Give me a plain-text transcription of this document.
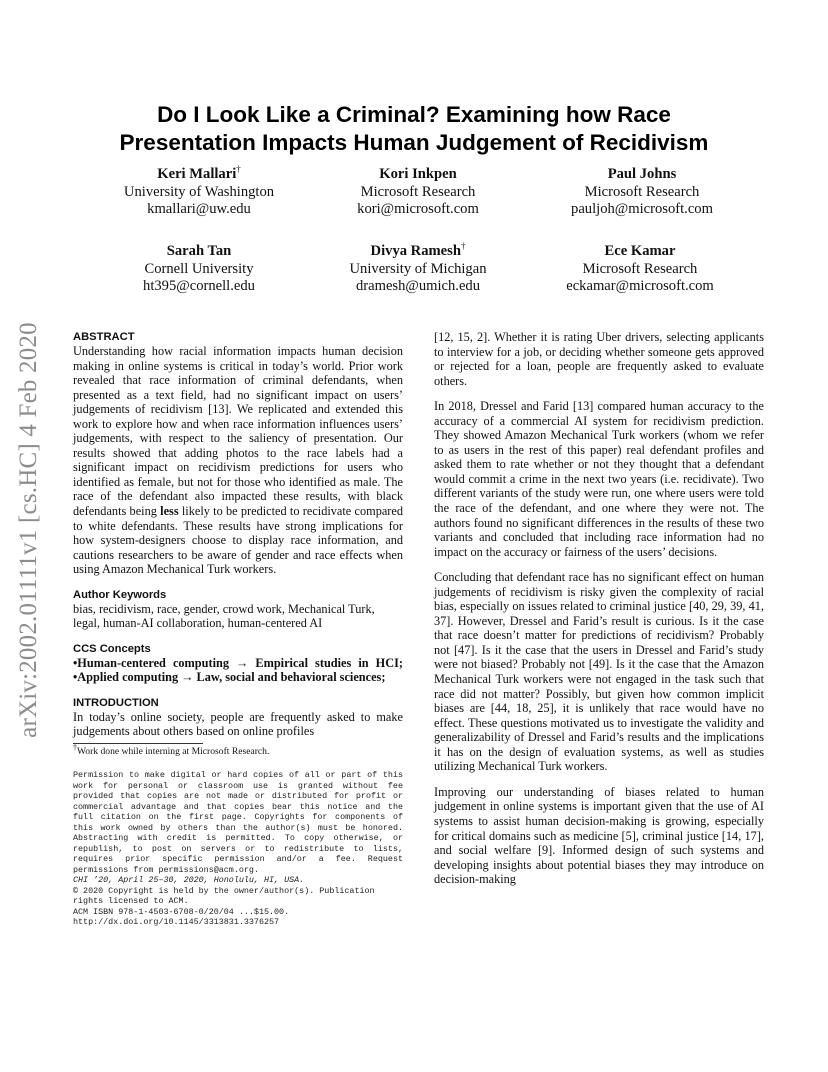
arXiv:2002.01111v1 [cs.HC] 4 Feb 2020
Do I Look Like a Criminal? Examining how Race
Presentation Impacts Human Judgement of Recidivism
Keri Mallari†
University of Washington
kmallari@uw.edu
Kori Inkpen
Microsoft Research
kori@microsoft.com
Paul Johns
Microsoft Research
pauljoh@microsoft.com
Sarah Tan
Cornell University
ht395@cornell.edu
Divya Ramesh†
University of Michigan
dramesh@umich.edu
Ece Kamar
Microsoft Research
eckamar@microsoft.com
ABSTRACT

Understanding how racial information impacts human decision making in online systems is critical in today’s world. Prior work revealed that race information of criminal defendants, when presented as a text field, had no significant impact on users’ judgements of recidivism [13]. We replicated and extended this work to explore how and when race information influences users’ judgements, with respect to the saliency of presentation. Our results showed that adding photos to the race labels had a significant impact on recidivism predictions for users who identified as female, but not for those who identified as male. The race of the defendant also impacted these results, with black defendants being less likely to be predicted to recidivate compared to white defendants. These results have strong implications for how system-designers choose to display race information, and cautions researchers to be aware of gender and race effects when using Amazon Mechanical Turk workers.

Author Keywords

bias, recidivism, race, gender, crowd work, Mechanical Turk, legal, human-AI collaboration, human-centered AI

CCS Concepts

•Human-centered computing → Empirical studies in HCI; •Applied computing → Law, social and behavioral sciences;

INTRODUCTION

In today’s online society, people are frequently asked to make judgements about others based on online profiles

†Work done while interning at Microsoft Research.

Permission to make digital or hard copies of all or part of this work for personal or classroom use is granted without fee provided that copies are not made or distributed for profit or commercial advantage and that copies bear this notice and the full citation on the first page. Copyrights for components of this work owned by others than the author(s) must be honored. Abstracting with credit is permitted. To copy otherwise, or republish, to post on servers or to redistribute to lists, requires prior specific permission and/or a fee. Request permissions from permissions@acm.org.
CHI ’20, April 25–30, 2020, Honolulu, HI, USA.
© 2020 Copyright is held by the owner/author(s). Publication rights licensed to ACM.
ACM ISBN 978-1-4503-6708-0/20/04 ...$15.00.
http://dx.doi.org/10.1145/3313831.3376257

[12, 15, 2]. Whether it is rating Uber drivers, selecting applicants to interview for a job, or deciding whether someone gets approved or rejected for a loan, people are frequently asked to evaluate others.

In 2018, Dressel and Farid [13] compared human accuracy to the accuracy of a commercial AI system for recidivism prediction. They showed Amazon Mechanical Turk workers (whom we refer to as users in the rest of this paper) real defendant profiles and asked them to rate whether or not they thought that a defendant would commit a crime in the next two years (i.e. recidivate). Two different variants of the study were run, one where users were told the race of the defendant, and one where they were not. The authors found no significant differences in the results of these two variants and concluded that including race information had no impact on the accuracy or fairness of the users’ decisions.

Concluding that defendant race has no significant effect on human judgements of recidivism is risky given the complexity of racial bias, especially on issues related to criminal justice [40, 29, 39, 41, 37]. However, Dressel and Farid’s result is curious. Is it the case that race doesn’t matter for predictions of recidivism? Probably not [47]. Is it the case that the users in Dressel and Farid’s study were not biased? Probably not [49]. Is it the case that the Amazon Mechanical Turk workers were not engaged in the task such that race did not matter? Possibly, but given how common implicit biases are [44, 18, 25], it is unlikely that race would have no effect. These questions motivated us to investigate the validity and generalizability of Dressel and Farid’s results and the implications it has on the design of evaluation systems, as well as studies utilizing Mechanical Turk workers.

Improving our understanding of biases related to human judgement in online systems is important given that the use of AI systems to assist human decision-making is growing, especially for critical domains such as medicine [5], criminal justice [14, 17], and social welfare [9]. Informed design of such systems and developing insights about potential biases they may introduce on decision-making
